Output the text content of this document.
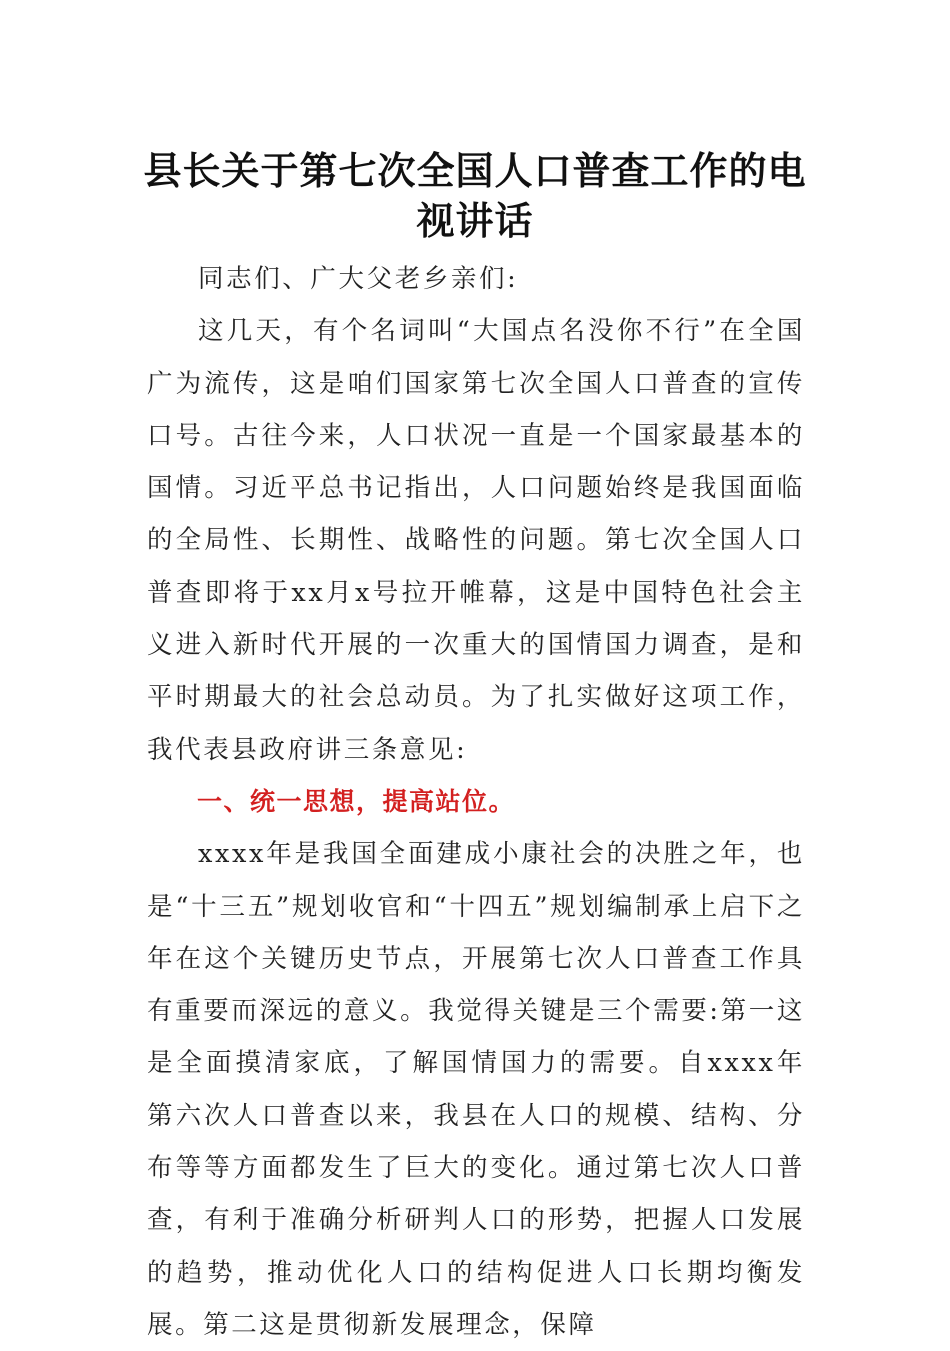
县长关于第七次全国人口普查工作的电视讲话

同志们、广大父老乡亲们:

这几天，有个名词叫“大国点名没你不行”在全国广为流传，这是咱们国家第七次全国人口普查的宣传口号。古往今来，人口状况一直是一个国家最基本的国情。习近平总书记指出，人口问题始终是我国面临的全局性、长期性、战略性的问题。第七次全国人口普查即将于xx月x号拉开帷幕，这是中国特色社会主义进入新时代开展的一次重大的国情国力调查，是和平时期最大的社会总动员。为了扎实做好这项工作，我代表县政府讲三条意见:

一、统一思想，提高站位。

xxxx年是我国全面建成小康社会的决胜之年，也是“十三五”规划收官和“十四五”规划编制承上启下之年在这个关键历史节点，开展第七次人口普查工作具有重要而深远的意义。我觉得关键是三个需要:第一这是全面摸清家底，了解国情国力的需要。自xxxx年第六次人口普查以来，我县在人口的规模、结构、分布等等方面都发生了巨大的变化。通过第七次人口普查，有利于准确分析研判人口的形势，把握人口发展的趋势，推动优化人口的结构促进人口长期均衡发展。第二这是贯彻新发展理念，保障
